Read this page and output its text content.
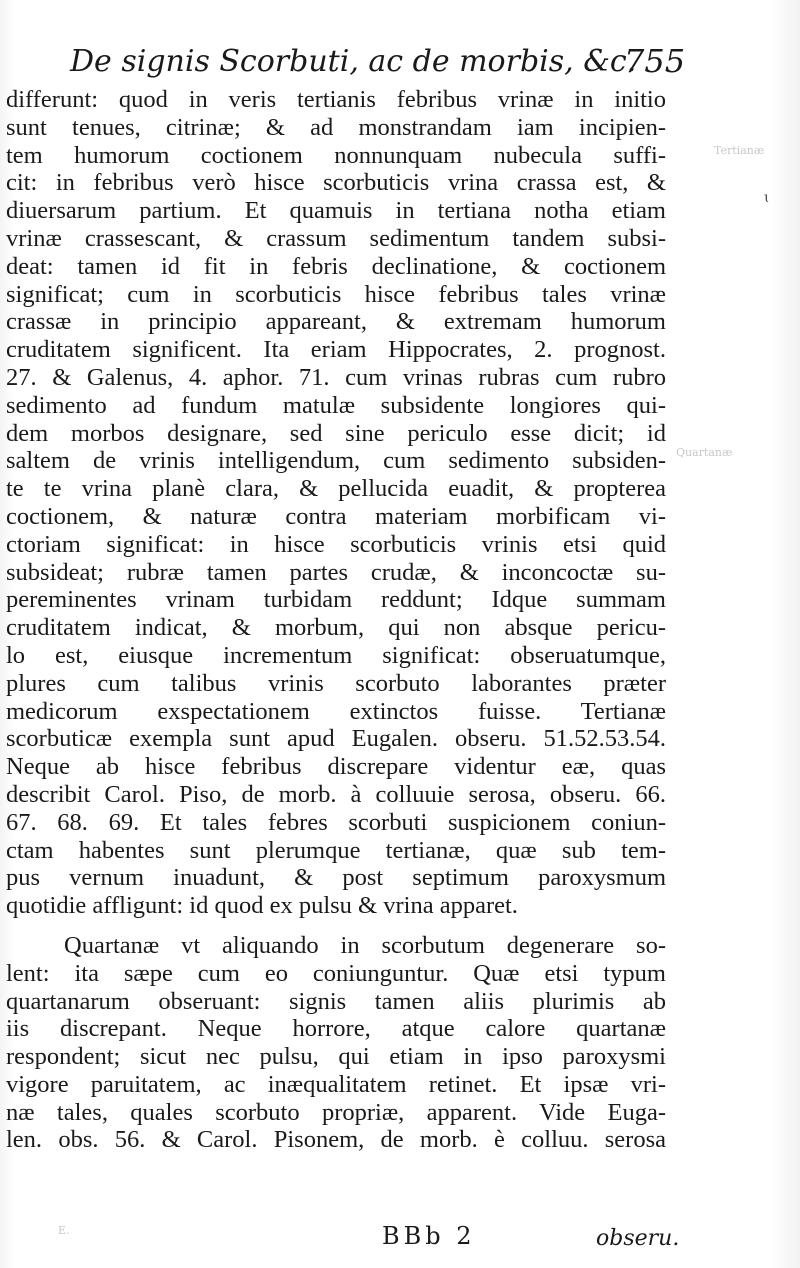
De signis Scorbuti, ac de morbis, &c.
755
differunt: quod in veris tertianis febribus vrinæ in initio
sunt tenues, citrinæ; & ad monstrandam iam incipien-
tem humorum coctionem nonnunquam nubecula suffi-
cit: in febribus verò hisce scorbuticis vrina crassa est, &
diuersarum partium. Et quamuis in tertiana notha etiam
vrinæ crassescant, & crassum sedimentum tandem subsi-
deat: tamen id fit in febris declinatione, & coctionem
significat; cum in scorbuticis hisce febribus tales vrinæ
crassæ in principio appareant, & extremam humorum
cruditatem significent. Ita eriam Hippocrates, 2. prognost.
27. & Galenus, 4. aphor. 71. cum vrinas rubras cum rubro
sedimento ad fundum matulæ subsidente longiores qui-
dem morbos designare, sed sine periculo esse dicit; id
saltem de vrinis intelligendum, cum sedimento subsiden-
te te vrina planè clara, & pellucida euadit, & propterea
coctionem, & naturæ contra materiam morbificam vi-
ctoriam significat: in hisce scorbuticis vrinis etsi quid
subsideat; rubræ tamen partes crudæ, & inconcoctæ su-
pereminentes vrinam turbidam reddunt; Idque summam
cruditatem indicat, & morbum, qui non absque pericu-
lo est, eiusque incrementum significat: obseruatumque,
plures cum talibus vrinis scorbuto laborantes præter
medicorum exspectationem extinctos fuisse. Tertianæ
scorbuticæ exempla sunt apud Eugalen. obseru. 51.52.53.54.
Neque ab hisce febribus discrepare videntur eæ, quas
describit Carol. Piso, de morb. à colluuie serosa, obseru. 66.
67. 68. 69. Et tales febres scorbuti suspicionem coniun-
ctam habentes sunt plerumque tertianæ, quæ sub tem-
pus vernum inuadunt, & post septimum paroxysmum
quotidie affligunt: id quod ex pulsu & vrina apparet.
Quartanæ vt aliquando in scorbutum degenerare so-
lent: ita sæpe cum eo coniunguntur. Quæ etsi typum
quartanarum obseruant: signis tamen aliis plurimis ab
iis discrepant. Neque horrore, atque calore quartanæ
respondent; sicut nec pulsu, qui etiam in ipso paroxysmi
vigore paruitatem, ac inæqualitatem retinet. Et ipsæ vri-
næ tales, quales scorbuto propriæ, apparent. Vide Euga-
len. obs. 56. & Carol. Pisonem, de morb. è colluu. serosa
BBb 2	obseru.
Tertianæ
Quartanæ
E.
ɩ
